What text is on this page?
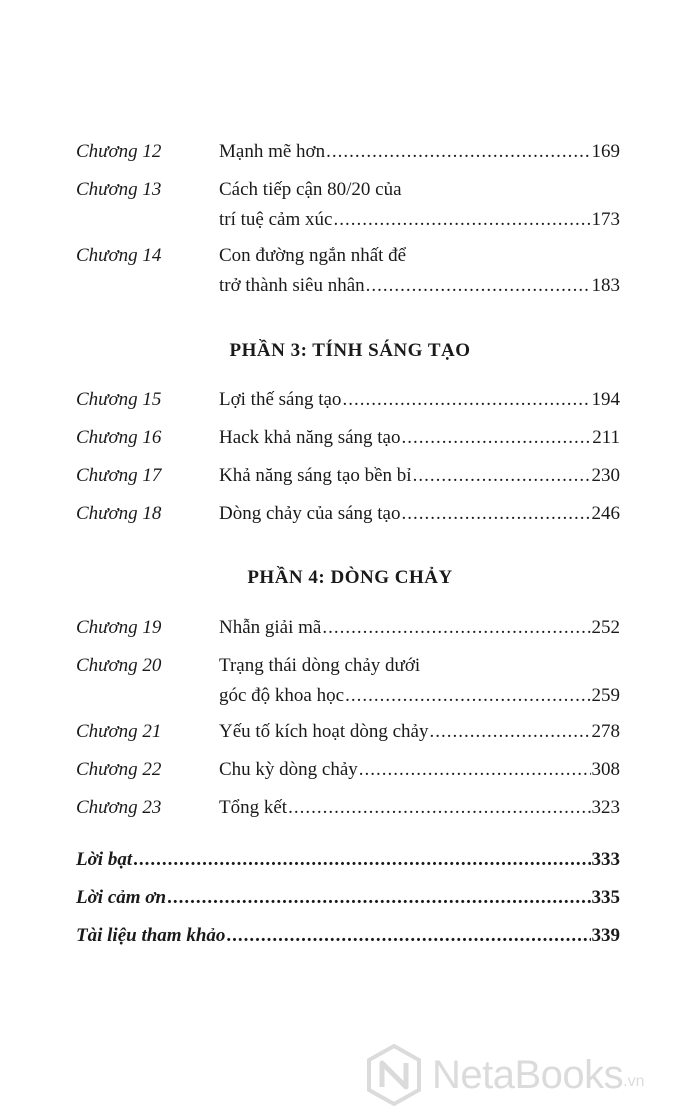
Chương 12	Mạnh mẽ hơn .....	169
Chương 13	Cách tiếp cận 80/20 của
trí tuệ cảm xúc .....	173
Chương 14	Con đường ngắn nhất để
trở thành siêu nhân .....	183
Chương 15	Lợi thế sáng tạo .....	194
Chương 16	Hack khả năng sáng tạo .....	211
Chương 17	Khả năng sáng tạo bền bỉ .....	230
Chương 18	Dòng chảy của sáng tạo .....	246
Chương 19	Nhẫn giải mã .....	252
Chương 20	Trạng thái dòng chảy dưới
góc độ khoa học .....	259
Chương 21	Yếu tố kích hoạt dòng chảy .....	278
Chương 22	Chu kỳ dòng chảy .....	308
Chương 23	Tổng kết .....	323
PHẦN 3: TÍNH SÁNG TẠO
PHẦN 4: DÒNG CHẢY
Lời bạt .....	333
Lời cảm ơn .....	335
Tài liệu tham khảo .....	339
NetaBooks .vn
